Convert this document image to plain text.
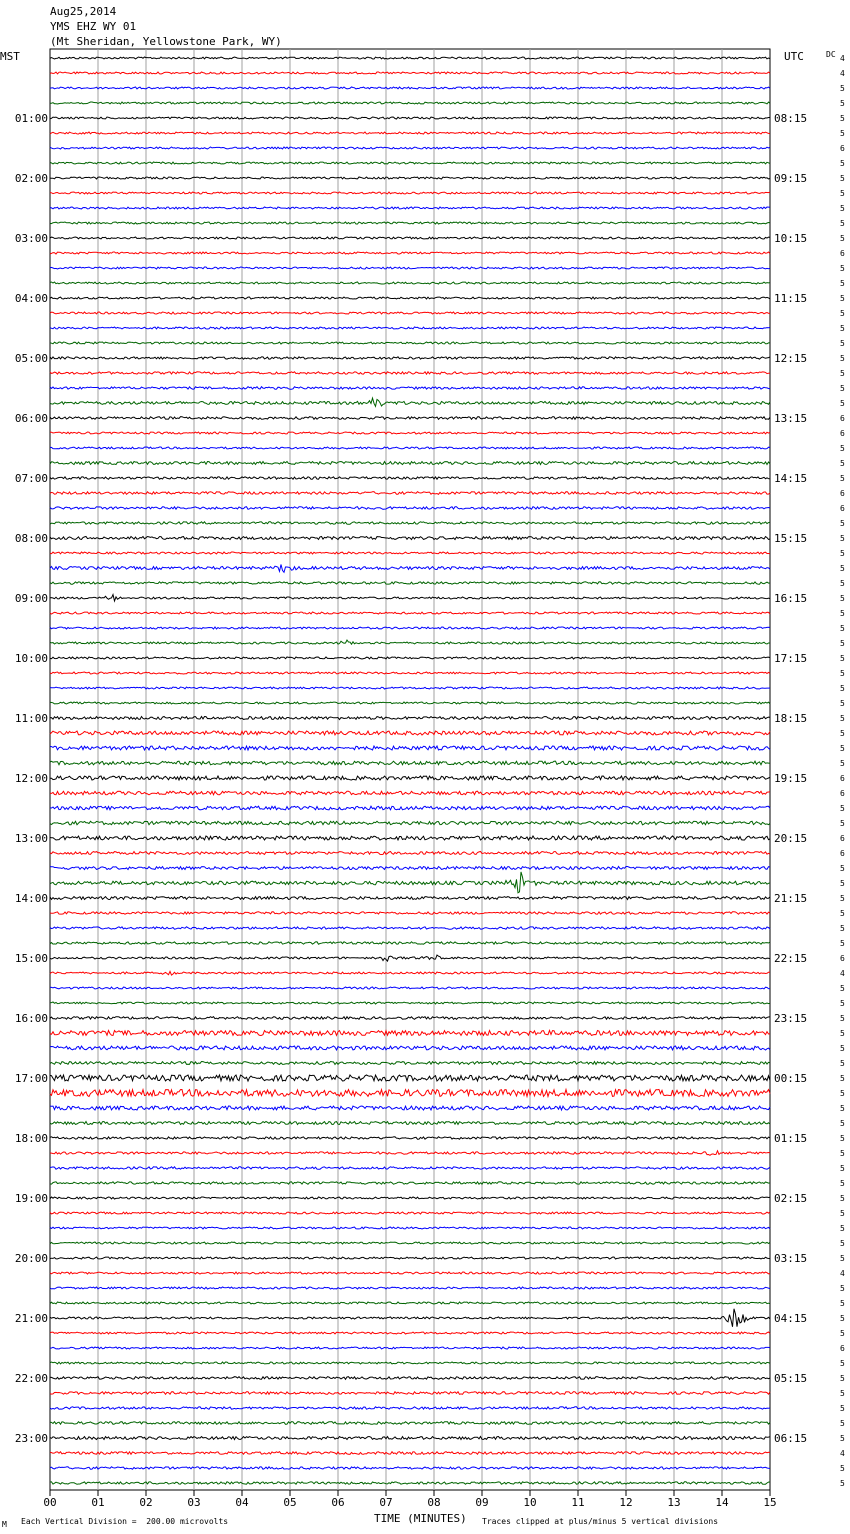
Aug25,2014
YMS EHZ WY 01
(Mt Sheridan, Yellowstone Park, WY)
MST	UTC	DC
00	01	02	03	04	05	06	07	08	09	10	11	12	13	14	15
4
4
5
5
5
5
6
5
5
5
5
5
5
6
5
5
5
5
5
5
5
5
5
5
6
6
5
5
5
6
6
5
5
5
5
5
5
5
5
5
5
5
5
5
5
5
5
5
6
6
5
5
6
6
5
5
5
5
5
5
6
4
5
5
5
5
5
5
5
5
5
5
5
5
5
5
5
5
5
5
5
4
5
5
5
5
6
5
5
5
5
5
5
4
5
5
01:00	08:15
02:00	09:15
03:00	10:15
04:00	11:15
05:00	12:15
06:00	13:15
07:00	14:15
08:00	15:15
09:00	16:15
10:00	17:15
11:00	18:15
12:00	19:15
13:00	20:15
14:00	21:15
15:00	22:15
16:00	23:15
17:00	00:15
18:00	01:15
19:00	02:15
20:00	03:15
21:00	04:15
22:00	05:15
23:00	06:15
TIME (MINUTES)
Each Vertical Division =  200.00 microvolts	Traces clipped at plus/minus 5 vertical divisions
M
